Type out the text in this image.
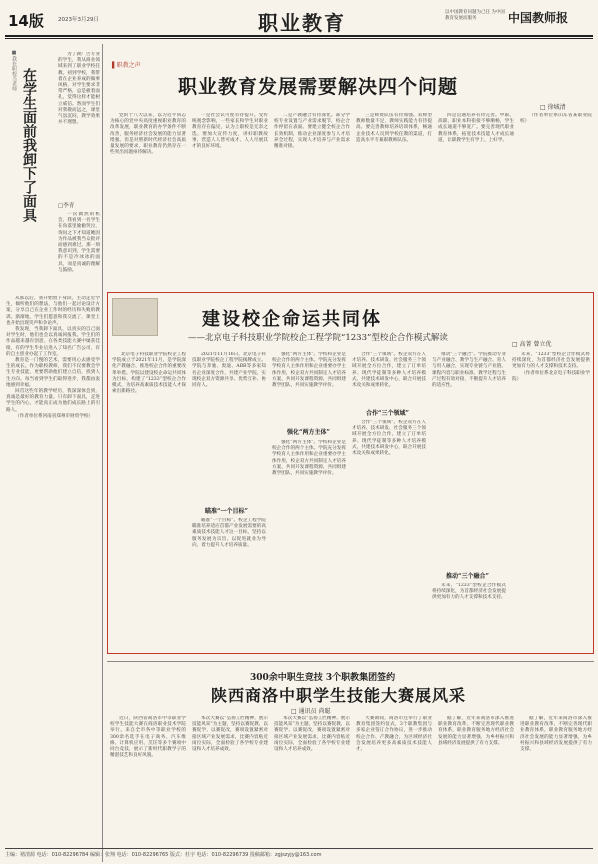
14版	2023年3月29日	职业教育	以中国教育问题为己任 为中国教育发展而服务	中国教师报
■我在职校当老师 在学生面前我卸下了面具	□李青

为了教广告专业的学生，我从商业领域来到了职业学校任教。初到学校，我带着在企业养成的做事风格，对学生要求非常严格，总是板着面孔，觉得这样才能树立威信。然而学生们对我敬而远之，课堂气氛沉闷，教学效果并不理想。

一次偶然的机会，我看到一名学生在角落里偷偷哭泣，询问之下才知道她因为作品被我当众批评而感到难过。那一刻我意识到，学生需要的不是冷冰冰的面具，而是真诚的理解与鼓励。

从那以后，我开始放下身段，主动走近学生，倾听他们的想法，与他们一起讨论设计方案，分享自己在企业工作时的经历和失败的教训。渐渐地，学生们愿意和我交流了，课堂上也开始出现笑声和争论声。

我发现，当我卸下面具，以真实的自己面对学生时，他们也会以真诚回报我。学生们的作品越来越有创意，在各类技能大赛中屡获佳绩，有的学生毕业后进入了知名广告公司，有的自主创业办起了工作室。

教育是一门慢的艺术，需要用心去感受学生的成长。作为职校教师，我们不仅要教会学生专业技能，更要帮助他们建立自信，找到人生方向。每当看到学生们取得进步，我都由衷地感到幸福。

回首这些年的教学经历，我深深体会到，真诚是最好的教育力量。只有卸下面具，走进学生的内心，才能真正成为他们成长路上的引路人。

（作者单位系河南省郑州市财贸学校）

▌职教之声
职业教育发展需要解决四个问题
□ 徐城清

党的十八大以来，以习近平同志为核心的党中央高度重视职业教育的改革发展，职业教育的办学条件不断改善，服务经济社会发展的能力显著增强。但是对照新时代经济社会高质量发展的要求，职业教育仍然存在一些突出问题亟待解决。

一是社会认可度有待提升。受传统观念影响，一些家长和学生对职业教育存在偏见，认为上职校是无奈之选。要加大宣传力度，讲好职教故事，营造人人皆可成才、人人尽展其才的良好环境。

二是产教融合有待深化。部分学校专业设置与产业需求脱节，校企合作停留在表面。要建立健全校企合作长效机制，推动企业深度参与人才培养全过程，实现人才培养与产业需求精准对接。

三是师资队伍有待加强。双师型教师数量不足，教师实践能力有待提高。要完善教师培养培训体系，畅通企业技术人员到学校任教的渠道，打造高水平专兼职教师队伍。

四是贯通培养有待完善。中职、高职、职业本科衔接不够顺畅，学生成长通道不够宽广。要完善现代职业教育体系，拓宽技术技能人才成长通道，让职教学生有学上、上好学。

（作者单位系山东省某职业院校）

建设校企命运共同体
——北京电子科技职业学院校企工程学院“1233”型校企合作模式解读
□ 高菁 曾立优

北京电子科技职业学院校企工程学院成立于2021年11月，是学院深化产教融合、推进校企合作的重要改革举措。学院以建设校企命运共同体为目标，构建了“1233”型校企合作模式，为培养高素质技术技能人才探索出新路径。

2021年11月16日，北京电子科技职业学院校企工程学院揭牌成立。学院与奔驰、奥迪、ABB等多家知名企业深度合作，共建产业学院，实现校企双方资源共享、优势互补、协同育人。

瞄准“一个目标”

瞄准“一个目标”。校企工程学院瞄准培养适应首都产业发展需要的高素质技术技能人才这一目标，坚持以服务发展为宗旨、以促进就业为导向，着力提升人才培养质量。

强化“两方主体”

强化“两方主体”。学校和企业是校企合作的两个主体。学院充分发挥学校育人主体作用和企业重要办学主体作用，校企双方共同制定人才培养方案、共同开发课程资源、共同组建教学团队、共同实施教学评价。

强化“两方主体”。学校和企业是校企合作的两个主体。学院充分发挥学校育人主体作用和企业重要办学主体作用，校企双方共同制定人才培养方案、共同开发课程资源、共同组建教学团队、共同实施教学评价。

合作“三个领域”

合作“三个领域”。校企双方在人才培养、技术研发、社会服务三个领域开展全方位合作，建立了订单培养、现代学徒制等多种人才培养模式，共建技术研发中心，联合开展技术攻关和成果转化。

合作“三个领域”。校企双方在人才培养、技术研发、社会服务三个领域开展全方位合作，建立了订单培养、现代学徒制等多种人才培养模式，共建技术研发中心，联合开展技术攻关和成果转化。

推动“三个融合”

推动“三个融合”。学院推动专业与产业融合、教学与生产融合、育人与用人融合，实现专业链与产业链、课程内容与职业标准、教学过程与生产过程有效对接，不断提升人才培养的适应性。

未来，“1233”型校企合作模式将持续深化，为首都经济社会发展提供更加有力的人才支撑和技术支持。

未来，“1233”型校企合作模式将持续深化，为首都经济社会发展提供更加有力的人才支撑和技术支持。

（作者单位系北京电子科技职业学院）

300余中职生竞技 3个职教集团签约
陕西商洛中职学生技能大赛展风采
□ 通讯员 尚聪

近日，陕西省商洛市中等职业学校学生技能大赛在商洛职业技术学院举行。来自全市各中等职业学校的300余名选手在电子商务、汽车维修、计算机应用、烹饪等多个赛项中同台竞技，展示了新时代职教学子的精湛技艺和良好风貌。

本次大赛以“弘扬工匠精神、展示技能风采”为主题，坚持以赛促教、以赛促学、以赛促改，赛项设置紧密对接区域产业发展需求，比赛内容贴近岗位实际，全面检验了各学校专业建设和人才培养成效。

本次大赛以“弘扬工匠精神、展示技能风采”为主题，坚持以赛促教、以赛促学、以赛促改，赛项设置紧密对接区域产业发展需求，比赛内容贴近岗位实际，全面检验了各学校专业建设和人才培养成效。

大赛期间，商洛市还举行了职业教育集团签约仪式，3个职教集团与多家企业签订合作协议，进一步推动校企合作、产教融合，为区域经济社会发展培养更多高素质技术技能人才。

据了解，近年来商洛市深入推进职业教育改革，不断完善现代职业教育体系，职业教育服务地方经济社会发展的能力显著增强，为乡村振兴和县域经济发展提供了有力支撑。

据了解，近年来商洛市深入推进职业教育改革，不断完善现代职业教育体系，职业教育服务地方经济社会发展的能力显著增强，为乡村振兴和县域经济发展提供了有力支撑。

主编：褚清源 电话：010-82296784 编辑：张翔 电话：010-82296765 版式：杜宇 电话：010-82296739 投稿邮箱：zgjszyjy@163.com
